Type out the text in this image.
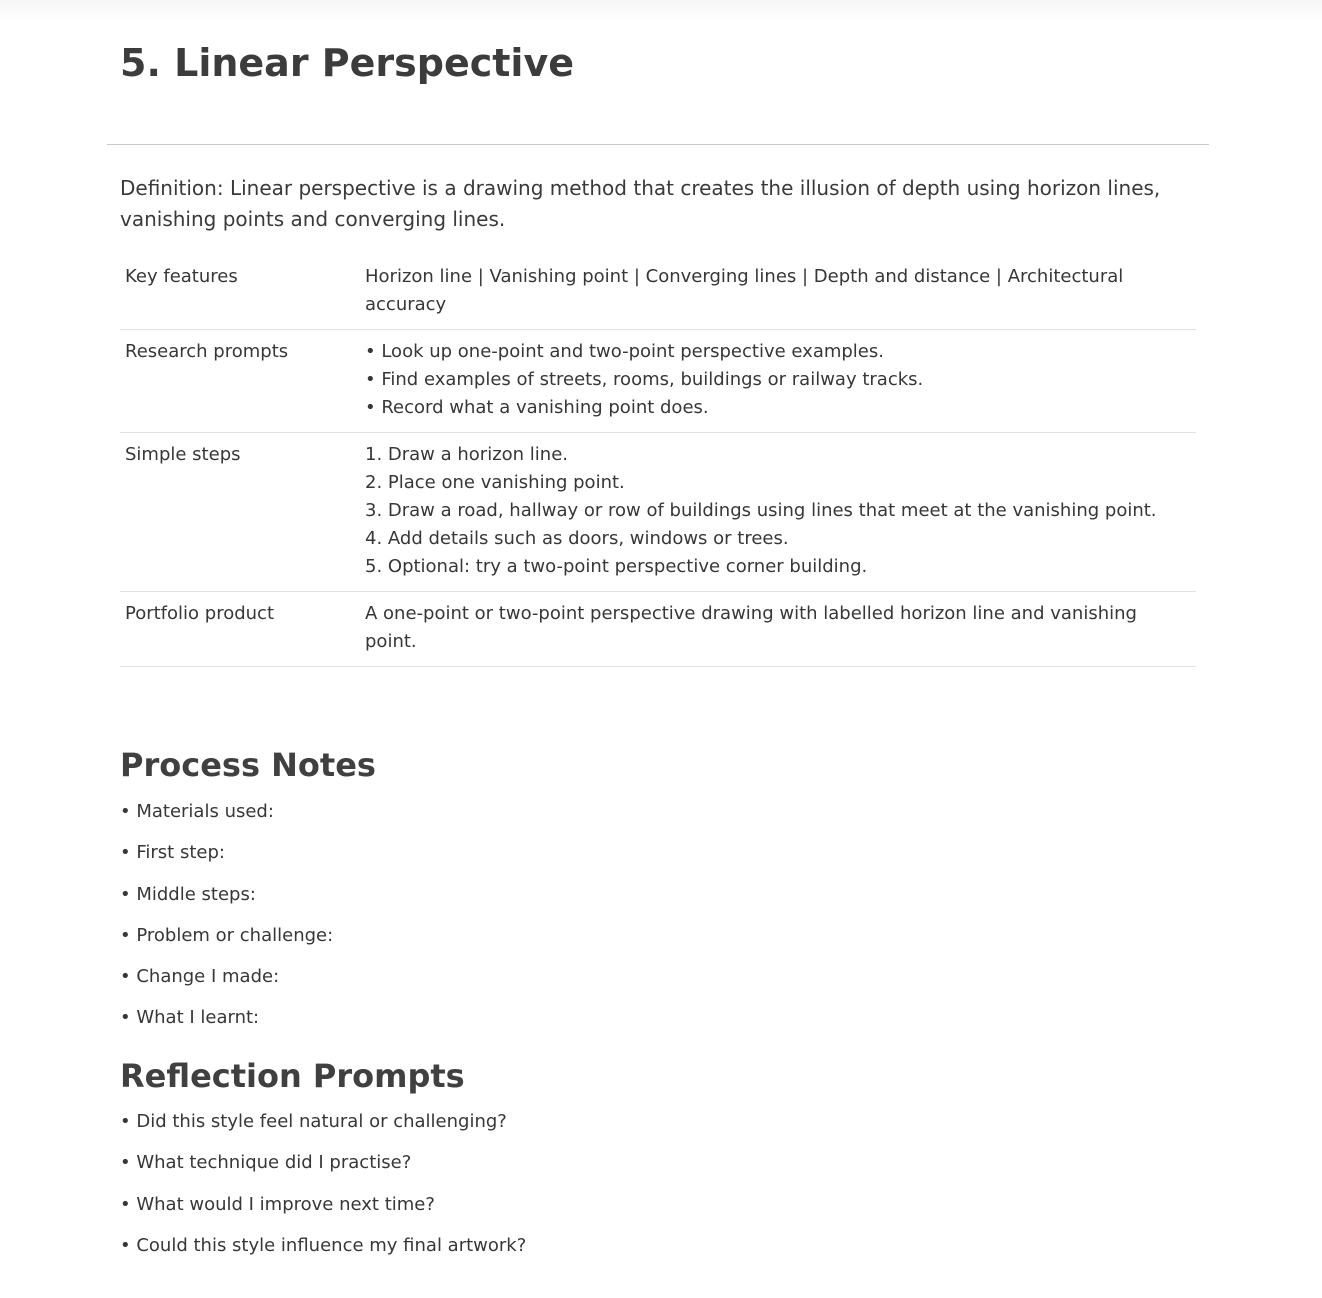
5. Linear Perspective

Definition: Linear perspective is a drawing method that creates the illusion of depth using horizon lines, vanishing points and converging lines.

Key features	Horizon line | Vanishing point | Converging lines | Depth and distance | Architectural accuracy
Research prompts	• Look up one-point and two-point perspective examples.
• Find examples of streets, rooms, buildings or railway tracks.
• Record what a vanishing point does.

Simple steps	1. Draw a horizon line.
2. Place one vanishing point.
3. Draw a road, hallway or row of buildings using lines that meet at the vanishing point.
4. Add details such as doors, windows or trees.
5. Optional: try a two-point perspective corner building.

Portfolio product	A one-point or two-point perspective drawing with labelled horizon line and vanishing point.
Process Notes
• Materials used:
• First step:
• Middle steps:
• Problem or challenge:
• Change I made:
• What I learnt:
Reflection Prompts
• Did this style feel natural or challenging?
• What technique did I practise?
• What would I improve next time?
• Could this style influence my final artwork?
